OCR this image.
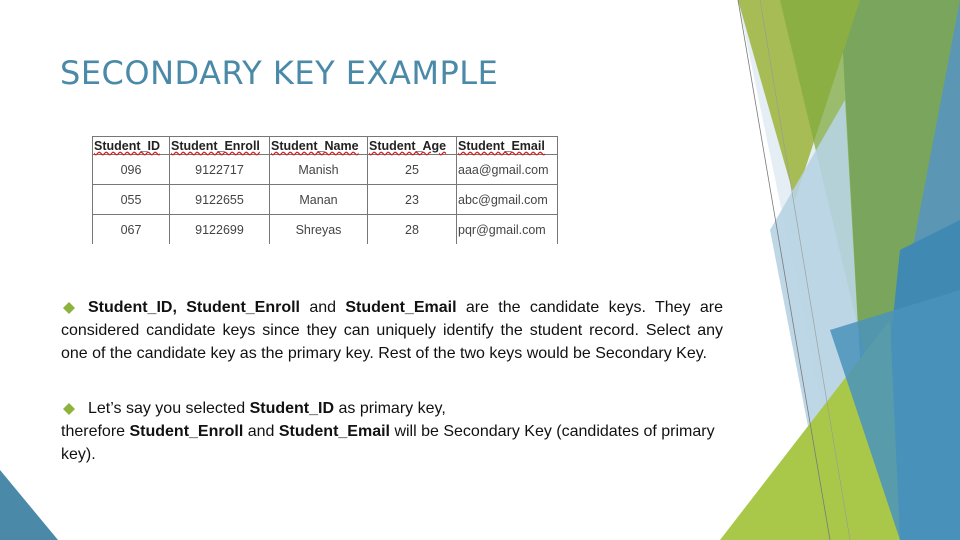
SECONDARY KEY EXAMPLE
Student_ID	Student_Enroll	Student_Name	Student_Age	Student_Email
096	9122717	Manish	25	aaa@gmail.com
055	9122655	Manan	23	abc@gmail.com
067	9122699	Shreyas	28	pqr@gmail.com
Student_ID, Student_Enroll and Student_Email are the candidate keys. They are considered candidate keys since they can uniquely identify the student record. Select any one of the candidate key as the primary key. Rest of the two keys would be Secondary Key.
Let’s say you selected Student_ID as primary key,
therefore Student_Enroll and Student_Email will be Secondary Key (candidates of primary key).
